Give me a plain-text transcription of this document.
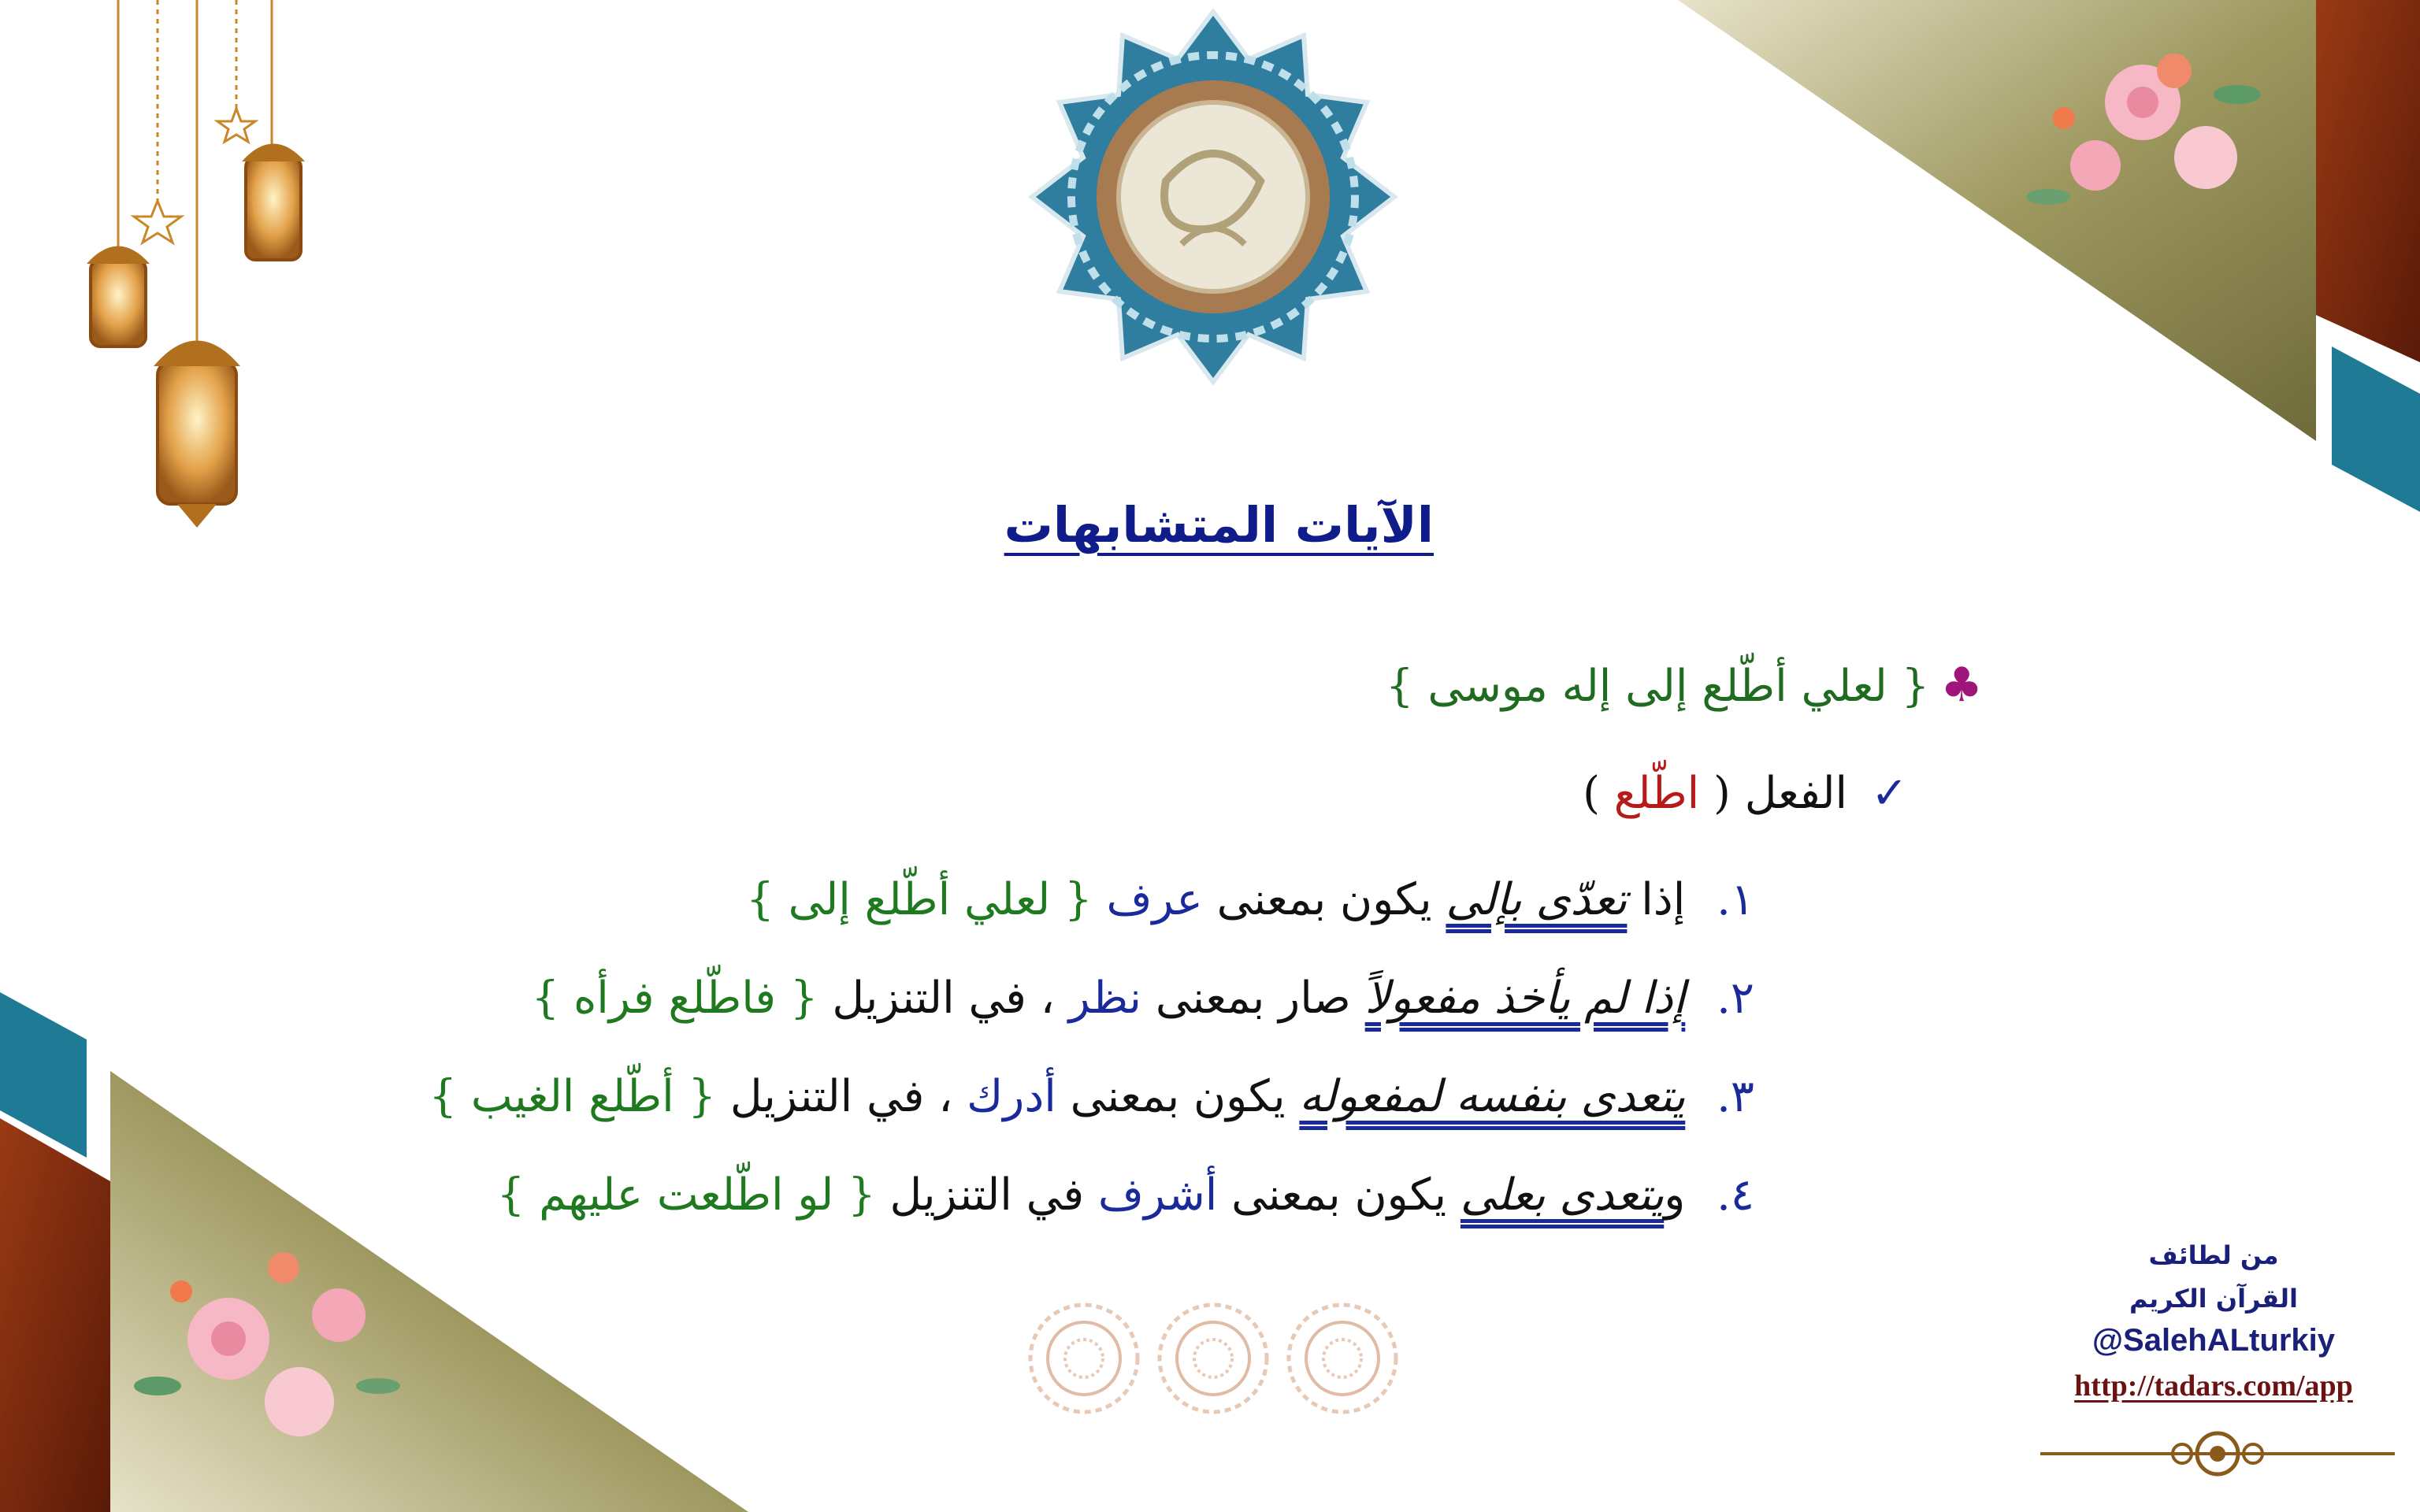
الآيات المتشابهات
♣{ لعلي أطّلع إلى إله موسى }
✓الفعل ( اطّلع )
١. إذا تعدّى بإلى يكون بمعنى عرف { لعلي أطّلع إلى }
٢. إذا لم يأخذ مفعولاً صار بمعنى نظر ، في التنزيل { فاطّلع فرأه }
٣. يتعدى بنفسه لمفعوله يكون بمعنى أدرك ، في التنزيل { أطّلع الغيب }
٤. ويتعدى بعلى يكون بمعنى أشرف في التنزيل { لو اطّلعت عليهم }
من لطائف
القرآن الكريم
@SalehALturkiy
http://tadars.com/app
